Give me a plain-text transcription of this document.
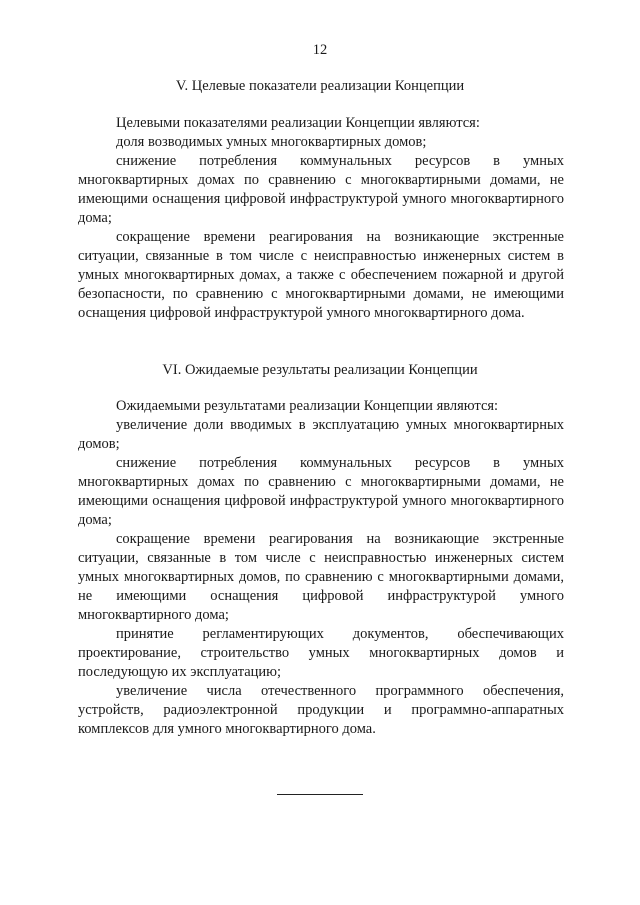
12
V. Целевые показатели реализации Концепции

Целевыми показателями реализации Концепции являются:

доля возводимых умных многоквартирных домов;

снижение потребления коммунальных ресурсов в умных многоквартирных домах по сравнению с многоквартирными домами, не имеющими оснащения цифровой инфраструктурой умного многоквартирного дома;

сокращение времени реагирования на возникающие экстренные ситуации, связанные в том числе с неисправностью инженерных систем в умных многоквартирных домах, а также с обеспечением пожарной и другой безопасности, по сравнению с многоквартирными домами, не имеющими оснащения цифровой инфраструктурой умного многоквартирного дома.

VI. Ожидаемые результаты реализации Концепции

Ожидаемыми результатами реализации Концепции являются:

увеличение доли вводимых в эксплуатацию умных многоквартирных домов;

снижение потребления коммунальных ресурсов в умных многоквартирных домах по сравнению с многоквартирными домами, не имеющими оснащения цифровой инфраструктурой умного многоквартирного дома;

сокращение времени реагирования на возникающие экстренные ситуации, связанные в том числе с неисправностью инженерных систем умных многоквартирных домов, по сравнению с многоквартирными домами, не имеющими оснащения цифровой инфраструктурой умного многоквартирного дома;

принятие регламентирующих документов, обеспечивающих проектирование, строительство умных многоквартирных домов и последующую их эксплуатацию;

увеличение числа отечественного программного обеспечения, устройств, радиоэлектронной продукции и программно-аппаратных комплексов для умного многоквартирного дома.
